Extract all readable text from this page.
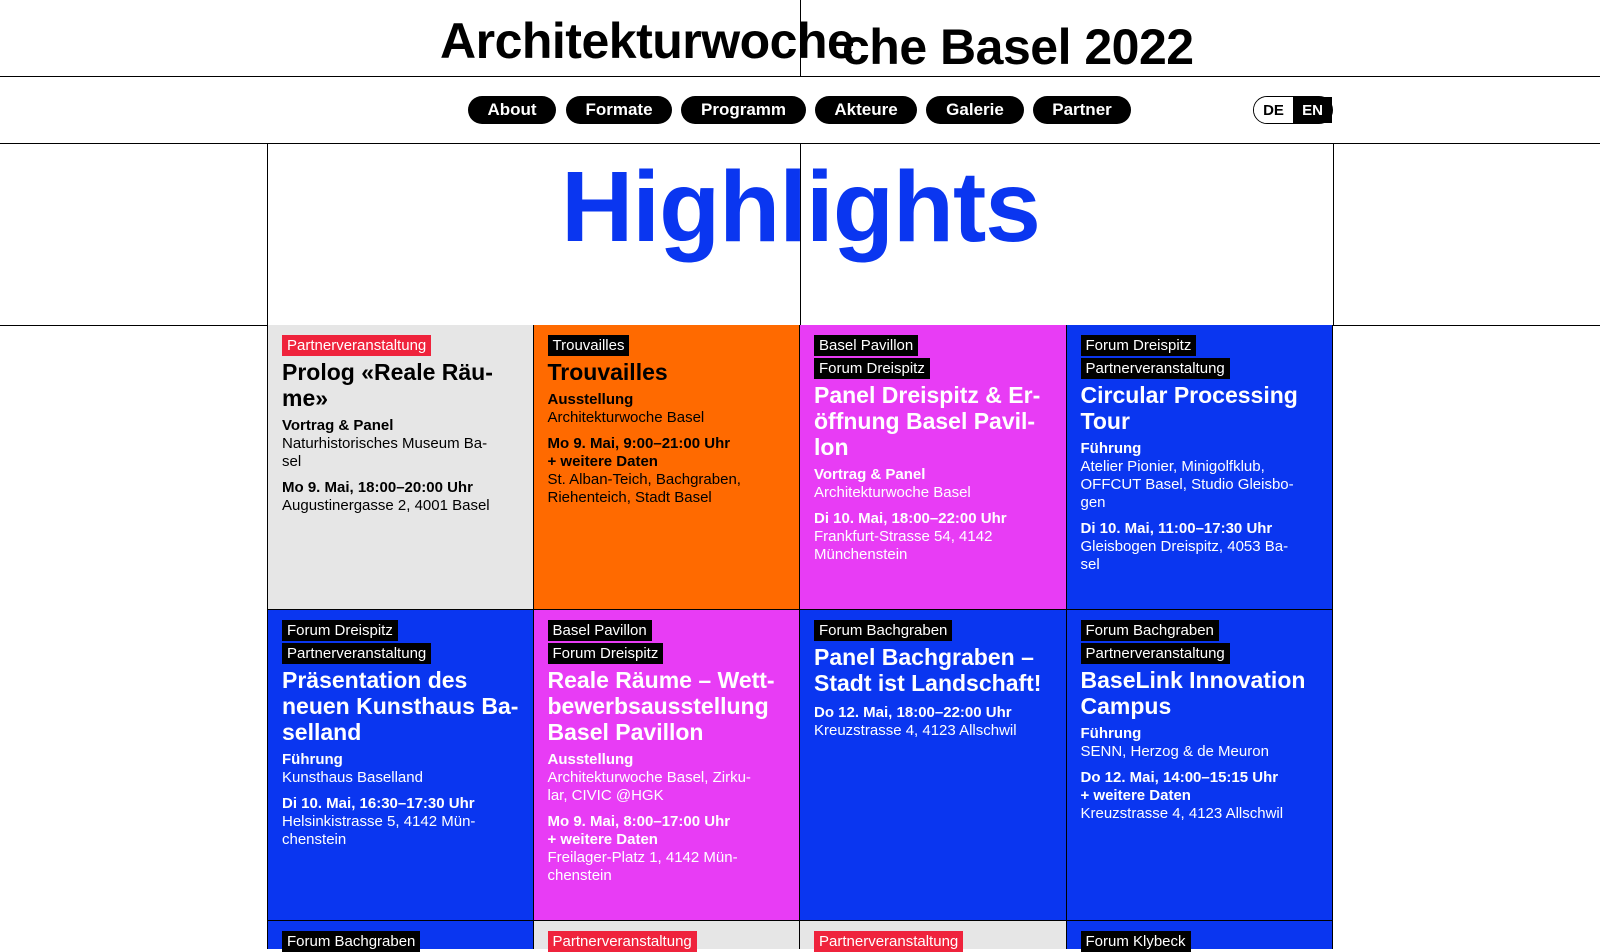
Architekturwoche
che Basel 2022
About	Formate	Programm	Akteure	Galerie	Partner	DE	EN
Highlights
Partnerveranstaltung
Prolog «Reale Räu-
me»
Vortrag & Panel
Naturhistorisches Museum Ba-
sel
Mo 9. Mai, 18:00–20:00 Uhr
Augustinergasse 2, 4001 Basel
Trouvailles
Trouvailles
Ausstellung
Architekturwoche Basel
Mo 9. Mai, 9:00–21:00 Uhr
+ weitere Daten
St. Alban-Teich, Bachgraben,
Riehenteich, Stadt Basel
Basel Pavillon
Forum Dreispitz
Panel Dreispitz & Er-
öffnung Basel Pavil-
lon
Vortrag & Panel
Architekturwoche Basel
Di 10. Mai, 18:00–22:00 Uhr
Frankfurt-Strasse 54, 4142
Münchenstein
Forum Dreispitz
Partnerveranstaltung
Circular Processing
Tour
Führung
Atelier Pionier, Minigolfklub,
OFFCUT Basel, Studio Gleisbo-
gen
Di 10. Mai, 11:00–17:30 Uhr
Gleisbogen Dreispitz, 4053 Ba-
sel
Forum Dreispitz
Partnerveranstaltung
Präsentation des
neuen Kunsthaus Ba-
selland
Führung
Kunsthaus Baselland
Di 10. Mai, 16:30–17:30 Uhr
Helsinkistrasse 5, 4142 Mün-
chenstein
Basel Pavillon
Forum Dreispitz
Reale Räume – Wett-
bewerbsausstellung
Basel Pavillon
Ausstellung
Architekturwoche Basel, Zirku-
lar, CIVIC @HGK
Mo 9. Mai, 8:00–17:00 Uhr
+ weitere Daten
Freilager-Platz 1, 4142 Mün-
chenstein
Forum Bachgraben
Panel Bachgraben –
Stadt ist Landschaft!
Do 12. Mai, 18:00–22:00 Uhr
Kreuzstrasse 4, 4123 Allschwil
Forum Bachgraben
Partnerveranstaltung
BaseLink Innovation
Campus
Führung
SENN, Herzog & de Meuron
Do 12. Mai, 14:00–15:15 Uhr
+ weitere Daten
Kreuzstrasse 4, 4123 Allschwil
Forum Bachgraben	Partnerveranstaltung	Partnerveranstaltung	Forum Klybeck
